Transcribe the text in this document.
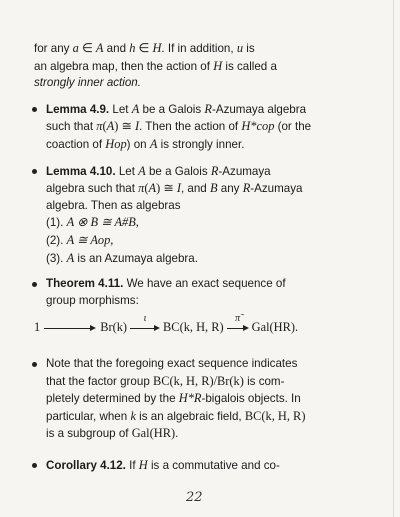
for any a ∈ A and h ∈ H. If in addition, u is
an algebra map, then the action of H is called a
strongly inner action.

Lemma 4.9. Let A be a Galois R-Azumaya algebra
such that π(A) ≅ I. Then the action of H*cop (or the
coaction of Hop) on A is strongly inner.
Lemma 4.10. Let A be a Galois R-Azumaya
algebra such that π(A) ≅ I, and B any R-Azumaya
algebra. Then as algebras
(1). A ⊗ B ≅ A#B,
(2). A ≅ Aop,
(3). A is an Azumaya algebra.
Theorem 4.11. We have an exact sequence of
group morphisms:
1	Br(k)
ι
BC(k, H, R)
π̃
Gal(HR).
Note that the foregoing exact sequence indicates
that the factor group BC(k, H, R)/Br(k) is com-
pletely determined by the H*R-bigalois objects. In
particular, when k is an algebraic field, BC(k, H, R)
is a subgroup of Gal(HR).
Corollary 4.12. If H is a commutative and co-
22
